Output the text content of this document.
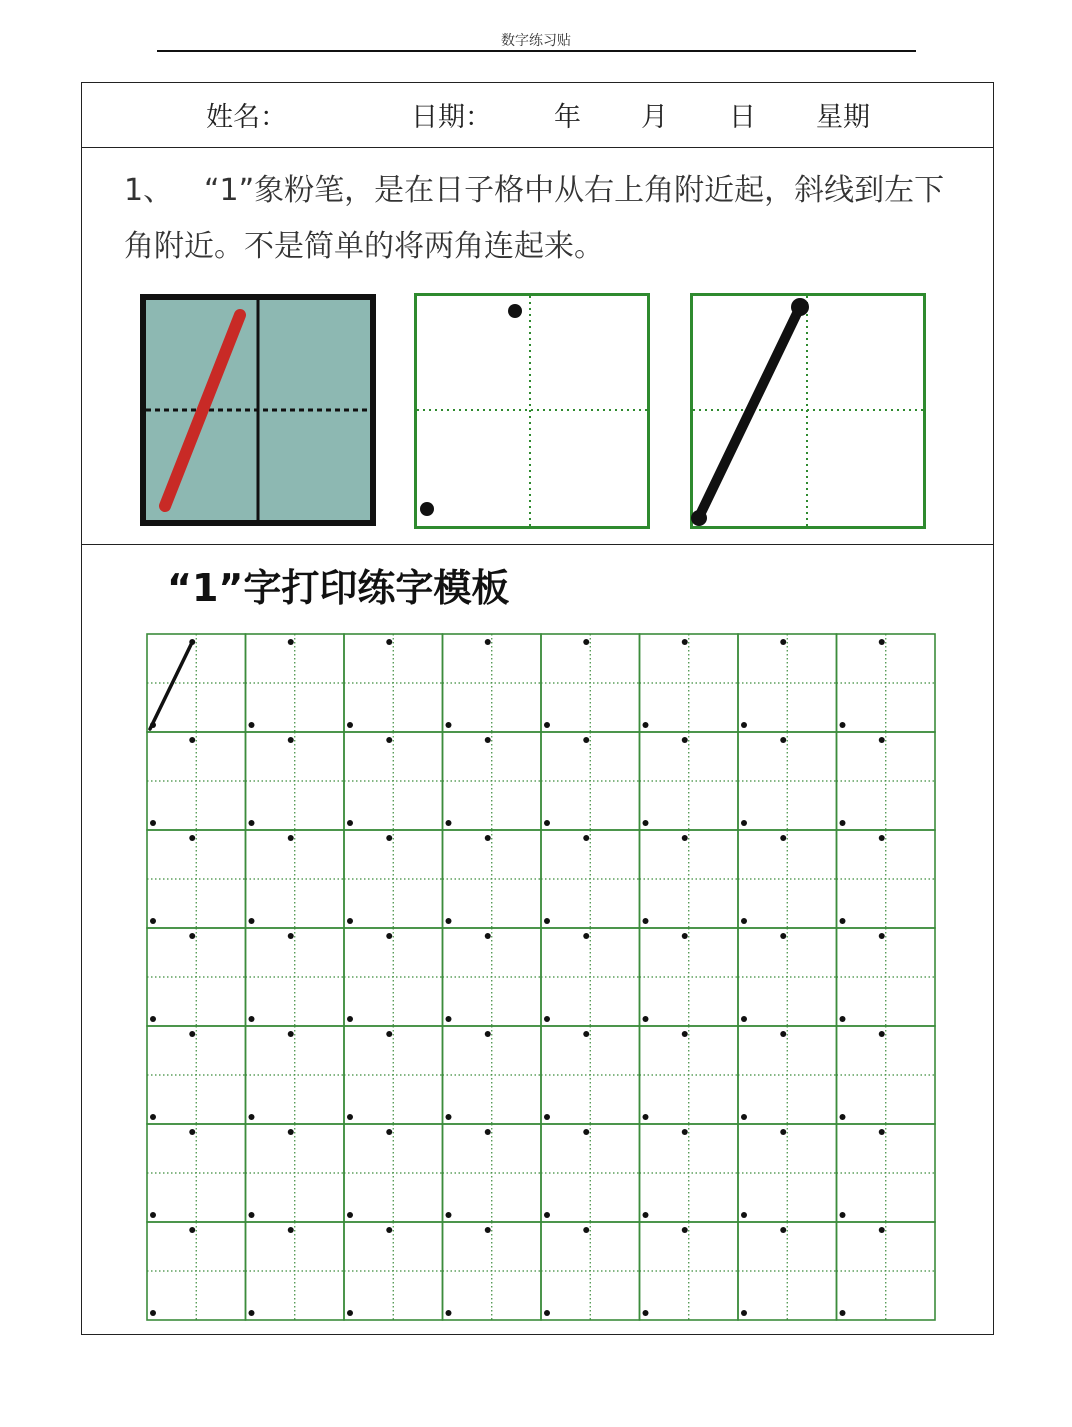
数字练习贴
姓名：	日期： 年 月 日 星期
1、 “1”象粉笔，是在日子格中从右上角附近起，斜线到左下角附近。不是简单的将两角连起来。
“1”字打印练字模板
